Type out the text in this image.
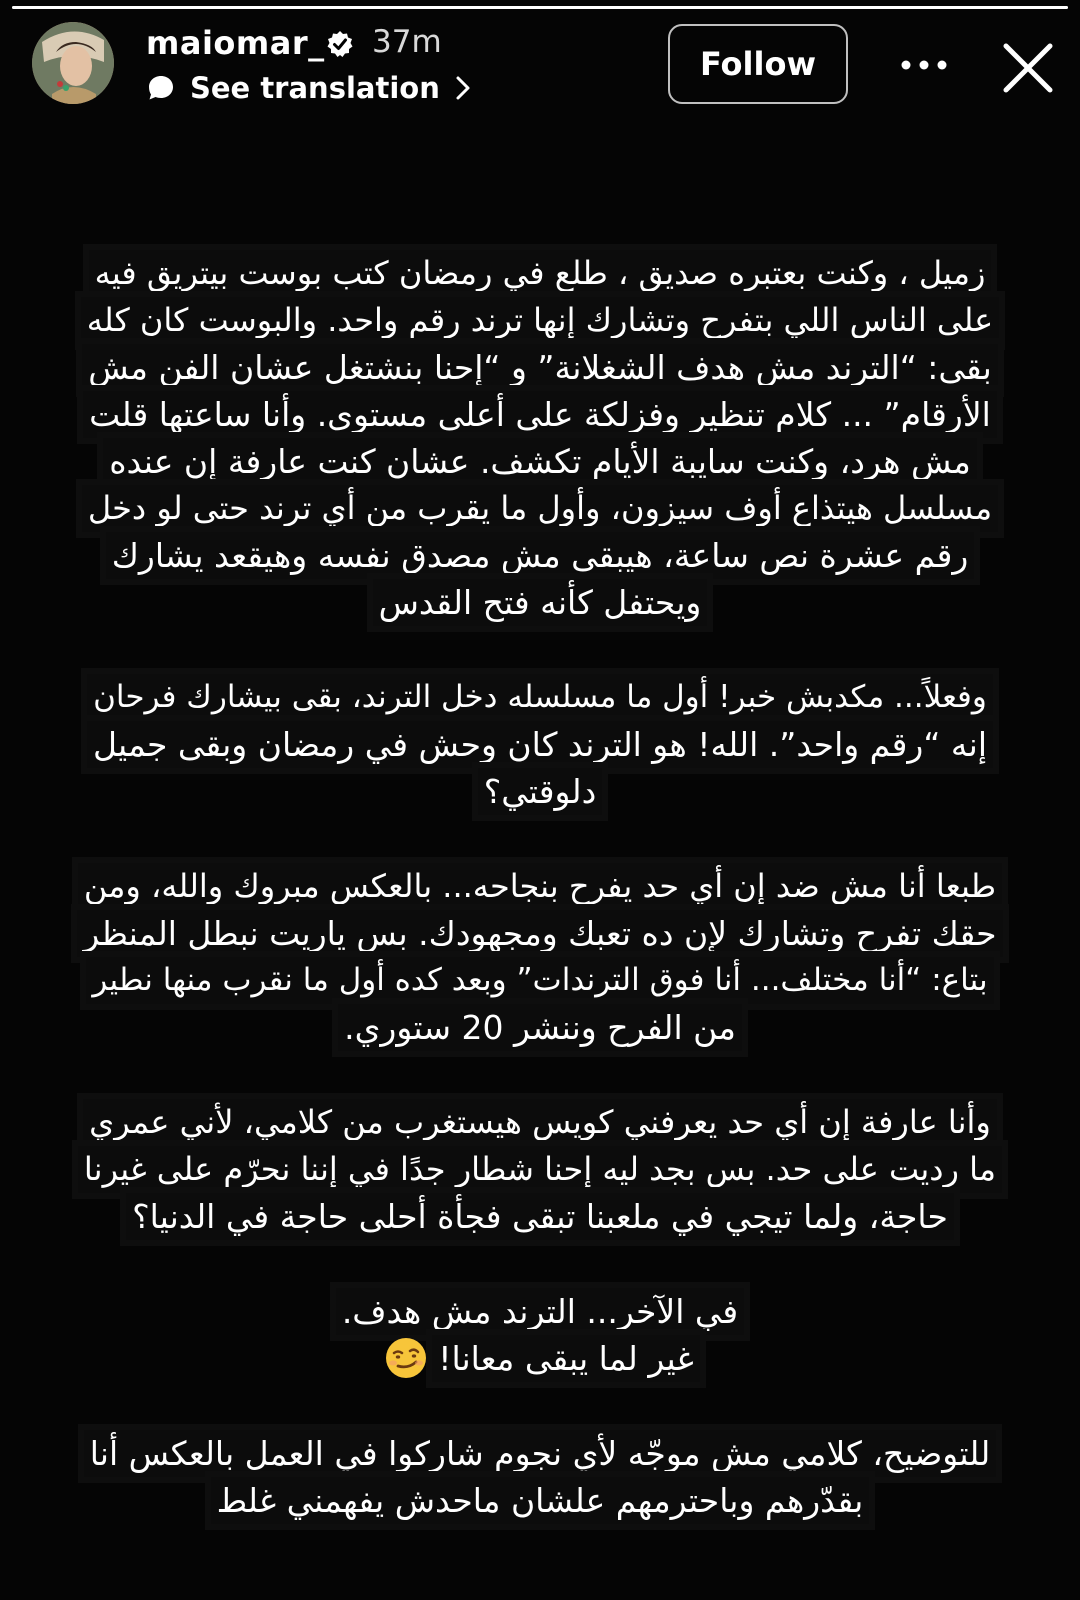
maiomar_ 37m
See translation
Follow
زميل ، وكنت بعتبره صديق ، طلع في رمضان كتب بوست بيتريق فيه
على الناس اللي بتفرح وتشارك إنها ترند رقم واحد. والبوست كان كله
بقى: “الترند مش هدف الشغلانة” و “إحنا بنشتغل عشان الفن مش
الأرقام” ... كلام تنظير وفزلكة على أعلى مستوى. وأنا ساعتها قلت
مش هرد، وكنت سايبة الأيام تكشف. عشان كنت عارفة إن عنده
مسلسل هيتذاع أوف سيزون، وأول ما يقرب من أي ترند حتى لو دخل
رقم عشرة نص ساعة، هيبقى مش مصدق نفسه وهيقعد يشارك
ويحتفل كأنه فتح القدس
وفعلاً... مكدبش خبر! أول ما مسلسله دخل الترند، بقى بيشارك فرحان
إنه “رقم واحد”. الله! هو الترند كان وحش في رمضان وبقى جميل
دلوقتي؟
طبعا أنا مش ضد إن أي حد يفرح بنجاحه... بالعكس مبروك والله، ومن
حقك تفرح وتشارك لإن ده تعبك ومجهودك. بس ياريت نبطل المنظر
بتاع: “أنا مختلف... أنا فوق الترندات” وبعد كده أول ما نقرب منها نطير
من الفرح وننشر 20 ستوري.
وأنا عارفة إن أي حد يعرفني كويس هيستغرب من كلامي، لأني عمري
ما رديت على حد. بس بجد ليه إحنا شطار جدًا في إننا نحرّم على غيرنا
حاجة، ولما تيجي في ملعبنا تبقى فجأة أحلى حاجة في الدنيا؟
في الآخر... الترند مش هدف.
غير لما يبقى معانا!
للتوضيح، كلامي مش موجّه لأي نجوم شاركوا في العمل بالعكس أنا
بقدّرهم وباحترمهم علشان ماحدش يفهمني غلط
